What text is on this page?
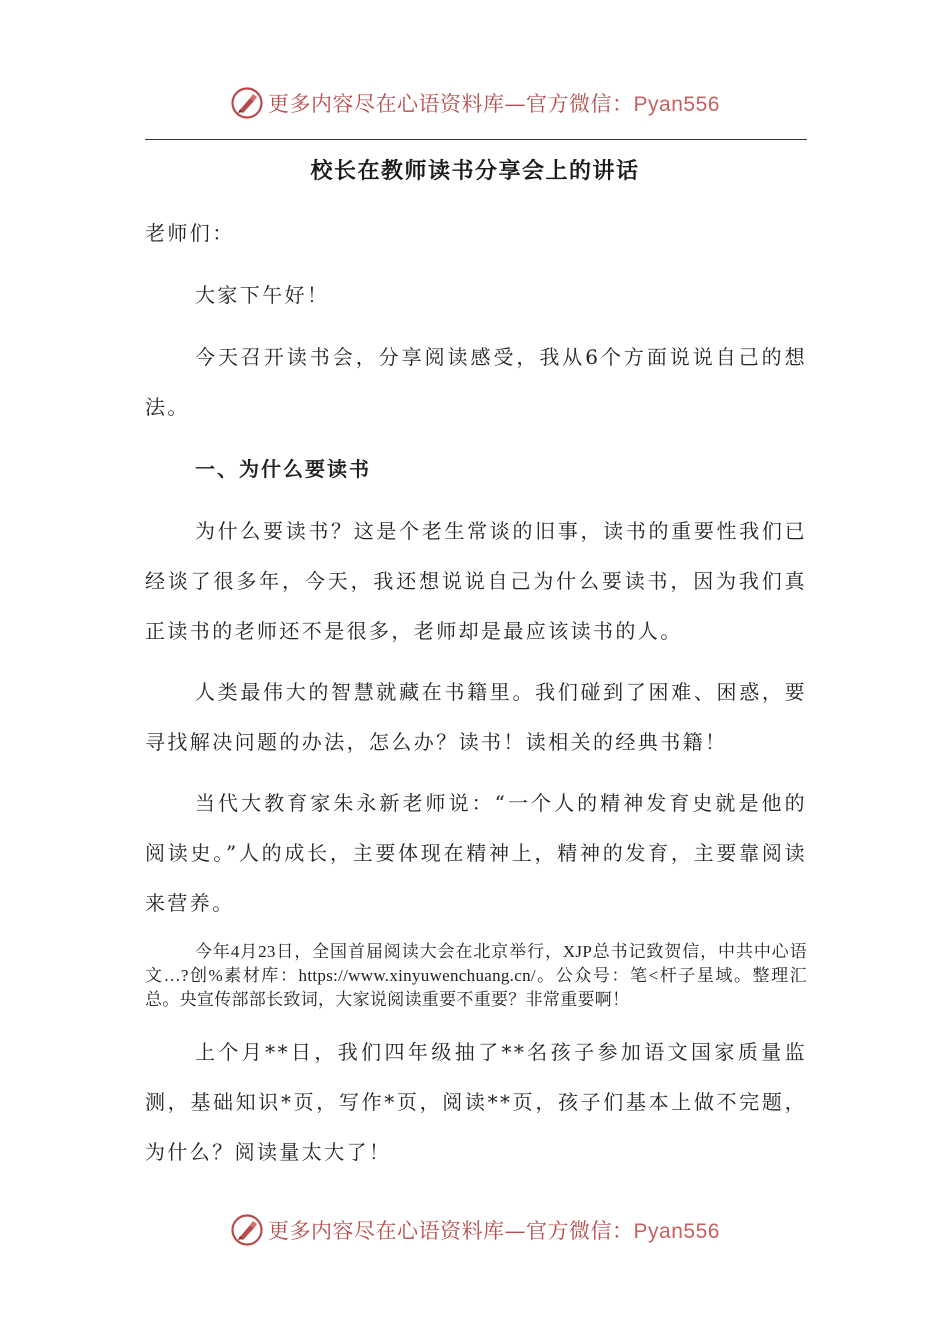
更多内容尽在心语资料库—官方微信：Pyan556
校长在教师读书分享会上的讲话

老师们：

大家下午好！

今天召开读书会，分享阅读感受，我从6个方面说说自己的想法。

一、为什么要读书

为什么要读书？这是个老生常谈的旧事，读书的重要性我们已经谈了很多年，今天，我还想说说自己为什么要读书，因为我们真正读书的老师还不是很多，老师却是最应该读书的人。

人类最伟大的智慧就藏在书籍里。我们碰到了困难、困惑，要寻找解决问题的办法，怎么办？读书！读相关的经典书籍！

当代大教育家朱永新老师说：“一个人的精神发育史就是他的阅读史。”人的成长，主要体现在精神上，精神的发育，主要靠阅读来营养。

今年4月23日，全国首届阅读大会在北京举行，XJP总书记致贺信，中共中心语文…?创%素材库：https://www.xinyuwenchuang.cn/。公众号：笔<杆子星域。整理汇总。央宣传部部长致词，大家说阅读重要不重要？非常重要啊！

上个月**日，我们四年级抽了**名孩子参加语文国家质量监测，基础知识*页，写作*页，阅读**页，孩子们基本上做不完题，为什么？阅读量太大了！

更多内容尽在心语资料库—官方微信：Pyan556
